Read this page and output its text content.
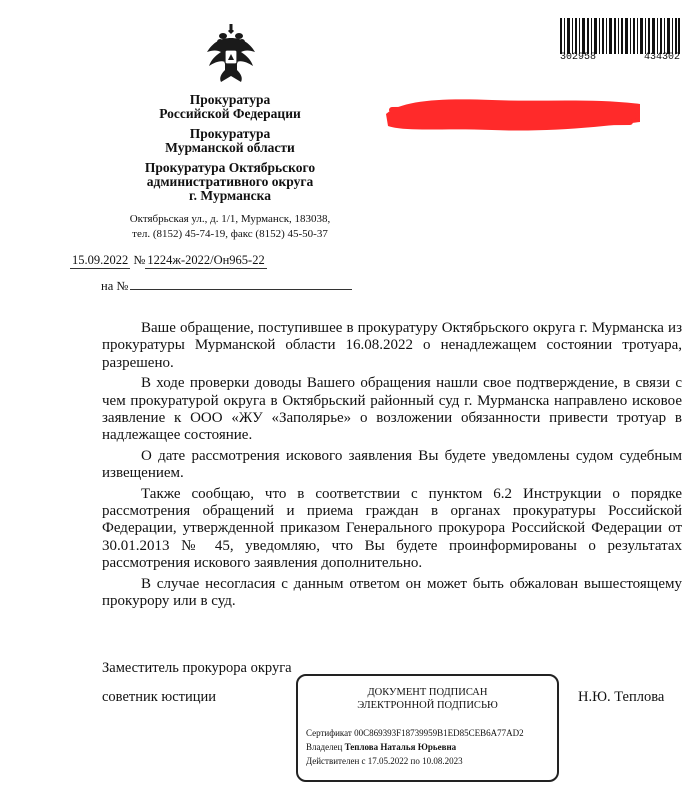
Прокуратура
Российской Федерации
Прокуратура
Мурманской области
Прокуратура Октябрьского
административного округа
г. Мурманска
Октябрьская ул., д. 1/1, Мурманск, 183038,
тел. (8152) 45-74-19, факс (8152) 45-50-37
15.09.2022 № 1224ж-2022/Он965-22
на №
302958	434302

Ваше обращение, поступившее в прокуратуру Октябрьского округа г. Мурманска из прокуратуры Мурманской области 16.08.2022 о ненадлежащем состоянии тротуара, разрешено.

В ходе проверки доводы Вашего обращения нашли свое подтверждение, в связи с чем прокуратурой округа в Октябрьский районный суд г. Мурманска направлено исковое заявление к ООО «ЖУ «Заполярье» о возложении обязанности привести тротуар в надлежащее состояние.

О дате рассмотрения искового заявления Вы будете уведомлены судом судебным извещением.

Также сообщаю, что в соответствии с пунктом 6.2 Инструкции о порядке рассмотрения обращений и приема граждан в органах прокуратуры Российской Федерации, утвержденной приказом Генерального прокурора Российской Федерации от 30.01.2013 № 45, уведомляю, что Вы будете проинформированы о результатах рассмотрения искового заявления дополнительно.

В случае несогласия с данным ответом он может быть обжалован вышестоящему прокурору или в суд.

Заместитель прокурора округа
советник юстиции	Н.Ю. Теплова
ДОКУМЕНТ ПОДПИСАН
ЭЛЕКТРОННОЙ ПОДПИСЬЮ
Сертификат 00C869393F18739959B1ED85CEB6A77AD2
Владелец Теплова Наталья Юрьевна
Действителен с 17.05.2022 по 10.08.2023
